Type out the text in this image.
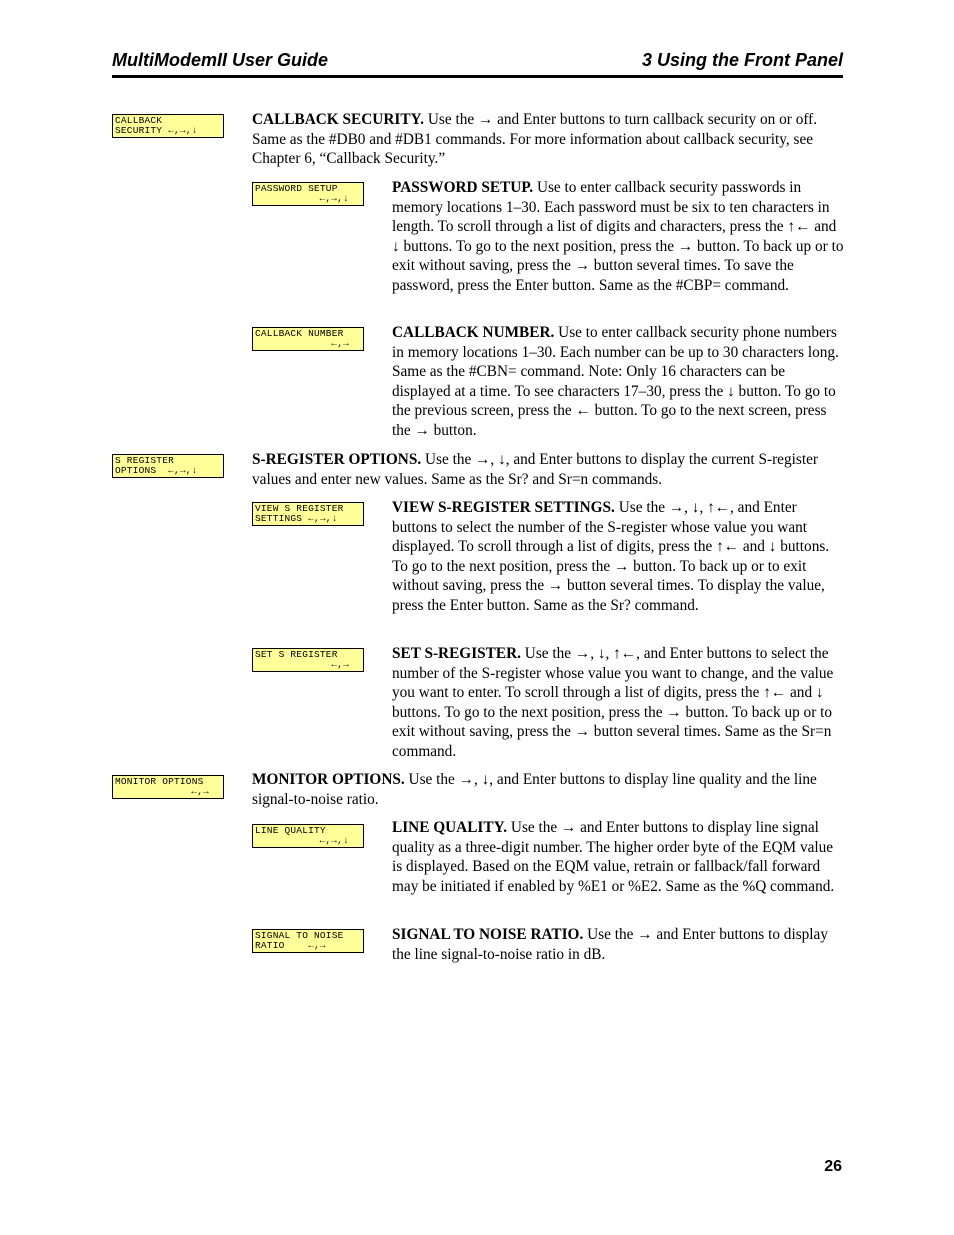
MultiModemII User Guide	3 Using the Front Panel
CALLBACK
SECURITY ←,→,↓

CALLBACK SECURITY. Use the → and Enter buttons to turn callback security on or off. Same as the #DB0 and #DB1 commands. For more information about callback security, see Chapter 6, “Callback Security.”

PASSWORD SETUP
←,→,↓

PASSWORD SETUP. Use to enter callback security passwords in memory locations 1–30. Each password must be six to ten characters in length. To scroll through a list of digits and characters, press the ↑← and ↓ buttons. To go to the next position, press the → button. To back up or to exit without saving, press the → button several times. To save the password, press the Enter button. Same as the #CBP= command.

CALLBACK NUMBER
←,→

CALLBACK NUMBER. Use to enter callback security phone numbers in memory locations 1–30. Each number can be up to 30 characters long. Same as the #CBN= command. Note: Only 16 characters can be displayed at a time. To see characters 17–30, press the ↓ button. To go to the previous screen, press the ← button. To go to the next screen, press the → button.

S REGISTER
OPTIONS  ←,→,↓

S-REGISTER OPTIONS. Use the →, ↓, and Enter buttons to display the current S-register values and enter new values. Same as the Sr? and Sr=n commands.

VIEW S REGISTER
SETTINGS ←,→,↓

VIEW S-REGISTER SETTINGS. Use the →, ↓, ↑←, and Enter buttons to select the number of the S-register whose value you want displayed. To scroll through a list of digits, press the ↑← and ↓ buttons. To go to the next position, press the → button. To back up or to exit without saving, press the → button several times. To display the value, press the Enter button. Same as the Sr? command.

SET S REGISTER
←,→

SET S-REGISTER. Use the →, ↓, ↑←, and Enter buttons to select the number of the S-register whose value you want to change, and the value you want to enter. To scroll through a list of digits, press the ↑← and ↓ buttons. To go to the next position, press the → button. To back up or to exit without saving, press the → button several times. Same as the Sr=n command.

MONITOR OPTIONS
←,→

MONITOR OPTIONS. Use the →, ↓, and Enter buttons to display line quality and the line signal-to-noise ratio.

LINE QUALITY
←,→,↓

LINE QUALITY. Use the → and Enter buttons to display line signal quality as a three-digit number. The higher order byte of the EQM value is displayed. Based on the EQM value, retrain or fallback/fall forward may be initiated if enabled by %E1 or %E2. Same as the %Q command.

SIGNAL TO NOISE
RATIO    ←,→

SIGNAL TO NOISE RATIO. Use the → and Enter buttons to display the line signal-to-noise ratio in dB.

26
